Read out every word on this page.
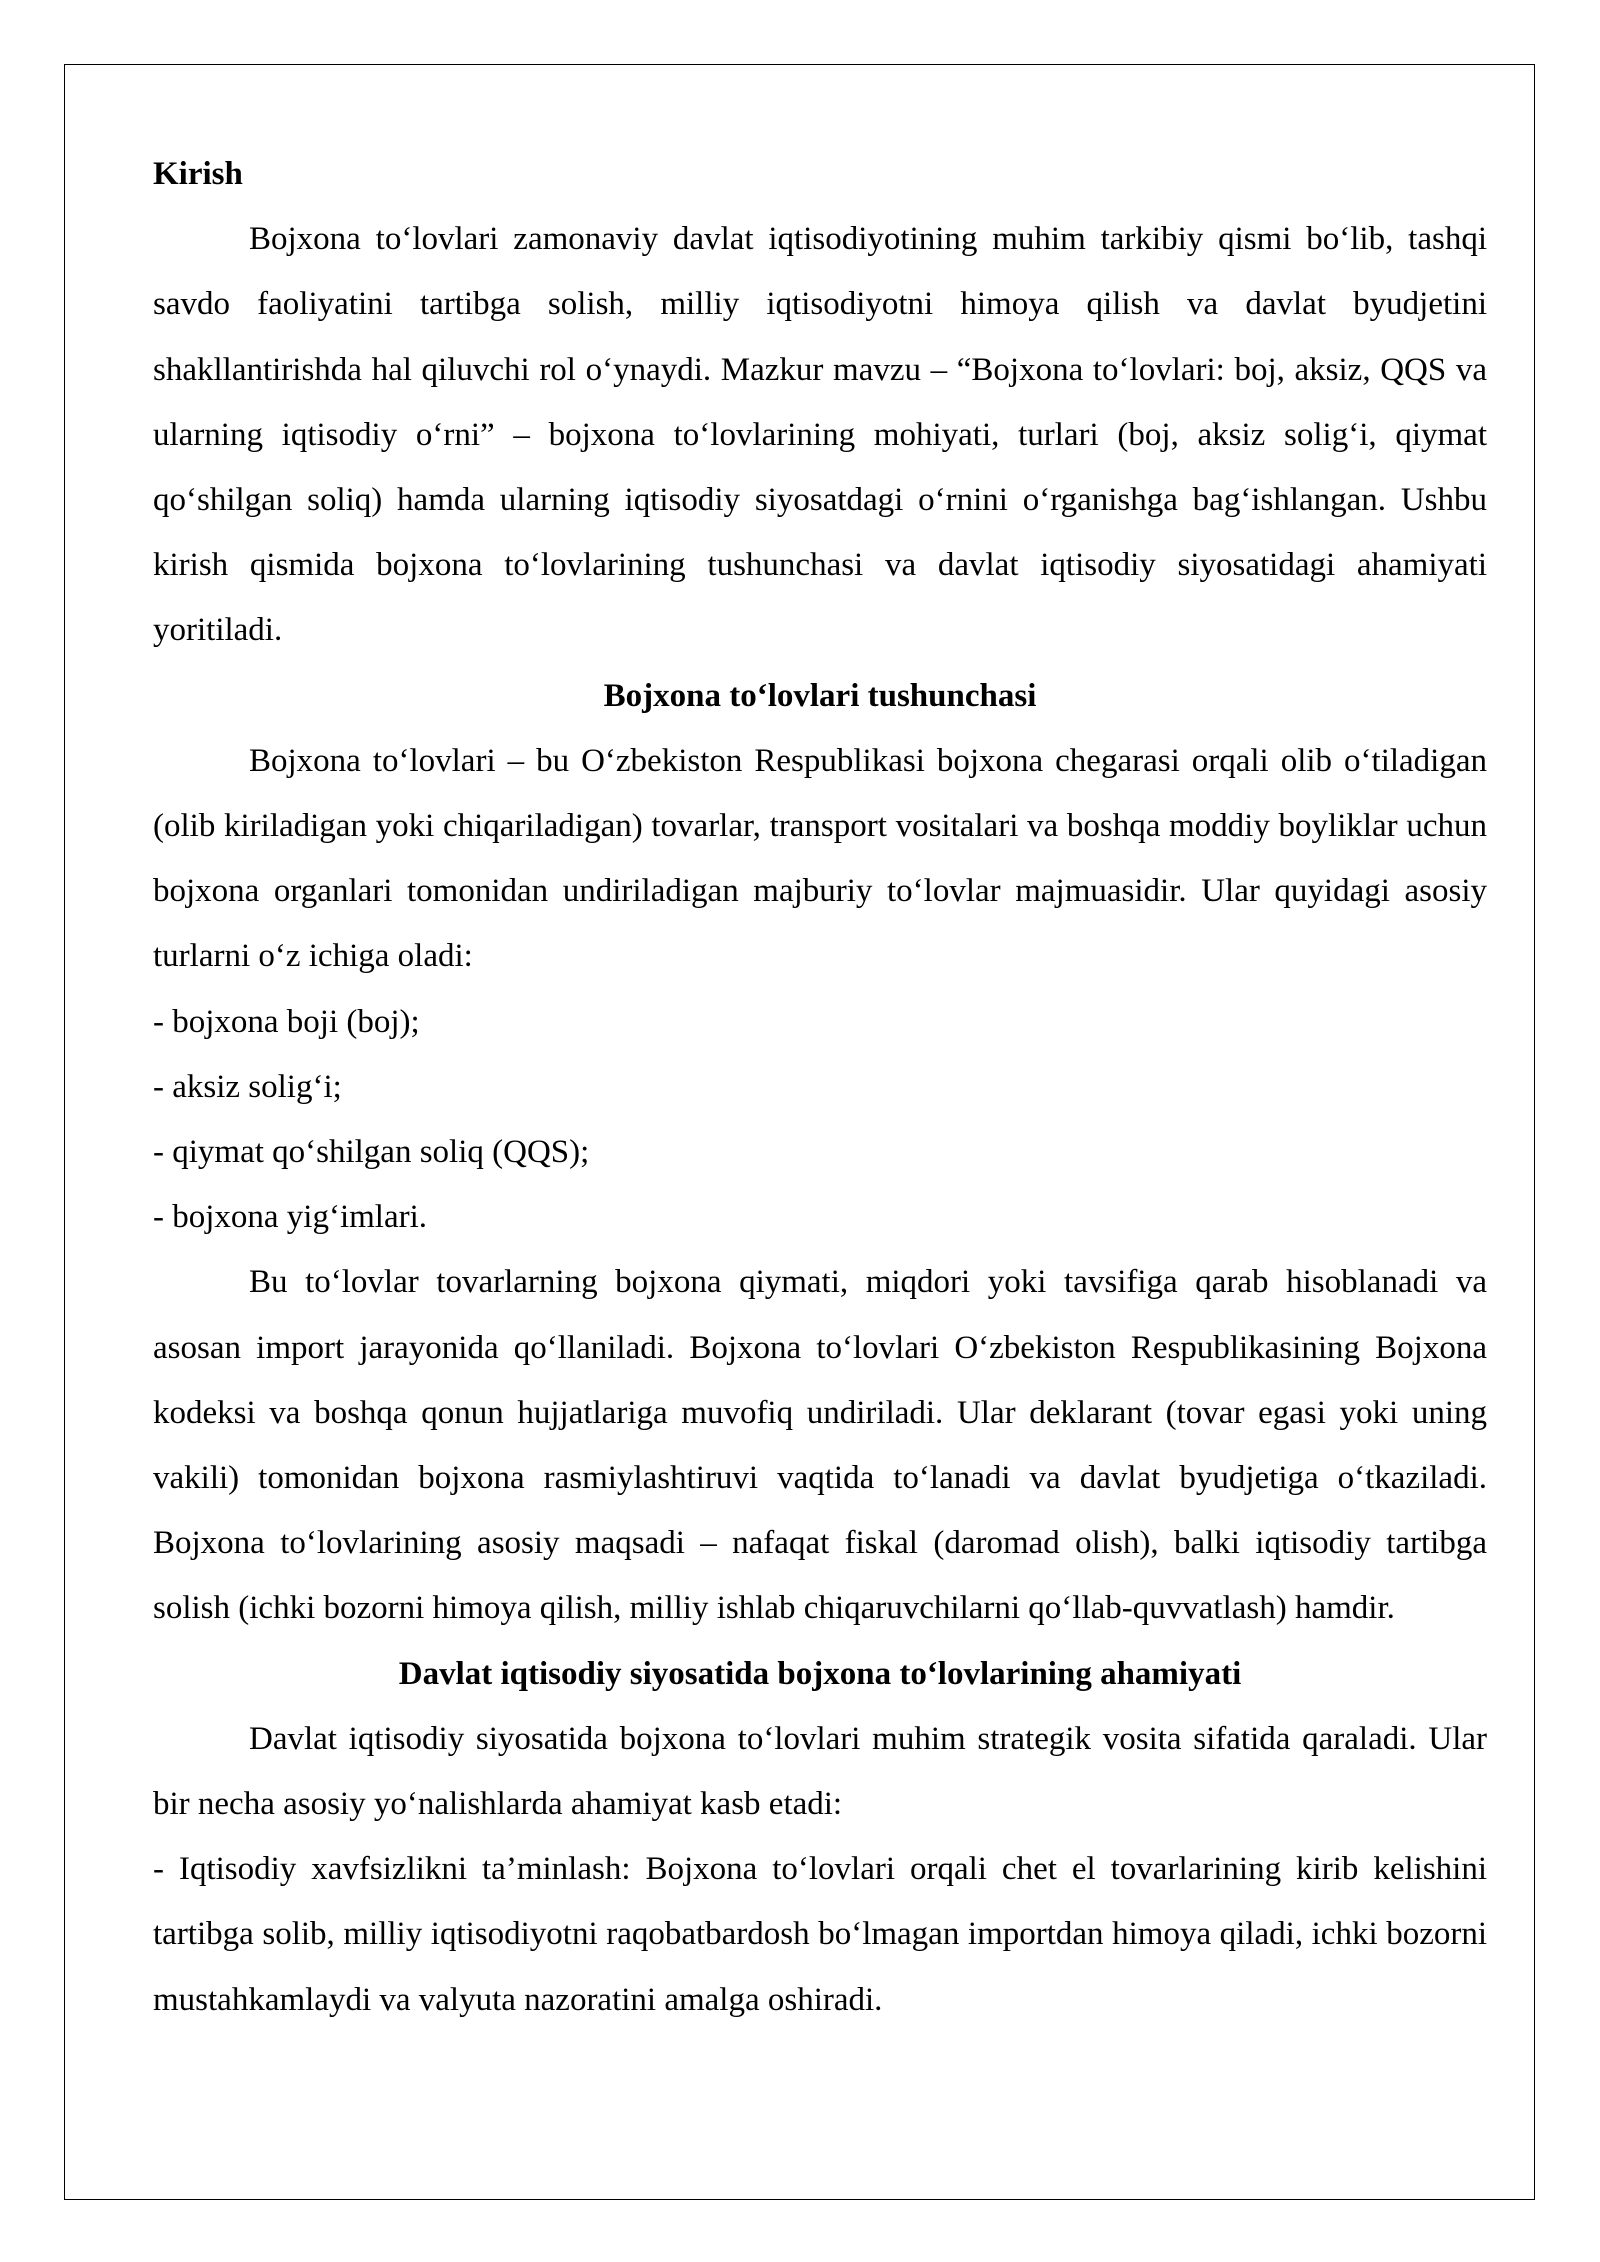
Kirish

Bojxona to‘lovlari zamonaviy davlat iqtisodiyotining muhim tarkibiy qismi bo‘lib, tashqi savdo faoliyatini tartibga solish, milliy iqtisodiyotni himoya qilish va davlat byudjetini shakllantirishda hal qiluvchi rol o‘ynaydi. Mazkur mavzu – “Bojxona to‘lovlari: boj, aksiz, QQS va ularning iqtisodiy o‘rni” – bojxona to‘lovlarining mohiyati, turlari (boj, aksiz solig‘i, qiymat qo‘shilgan soliq) hamda ularning iqtisodiy siyosatdagi o‘rnini o‘rganishga bag‘ishlangan. Ushbu kirish qismida bojxona to‘lovlarining tushunchasi va davlat iqtisodiy siyosatidagi ahamiyati yoritiladi.

Bojxona to‘lovlari tushunchasi

Bojxona to‘lovlari – bu O‘zbekiston Respublikasi bojxona chegarasi orqali olib o‘tiladigan (olib kiriladigan yoki chiqariladigan) tovarlar, transport vositalari va boshqa moddiy boyliklar uchun bojxona organlari tomonidan undiriladigan majburiy to‘lovlar majmuasidir. Ular quyidagi asosiy turlarni o‘z ichiga oladi:

- bojxona boji (boj);

- aksiz solig‘i;

- qiymat qo‘shilgan soliq (QQS);

- bojxona yig‘imlari.

Bu to‘lovlar tovarlarning bojxona qiymati, miqdori yoki tavsifiga qarab hisoblanadi va asosan import jarayonida qo‘llaniladi. Bojxona to‘lovlari O‘zbekiston Respublikasining Bojxona kodeksi va boshqa qonun hujjatlariga muvofiq undiriladi. Ular deklarant (tovar egasi yoki uning vakili) tomonidan bojxona rasmiylashtiruvi vaqtida to‘lanadi va davlat byudjetiga o‘tkaziladi. Bojxona to‘lovlarining asosiy maqsadi – nafaqat fiskal (daromad olish), balki iqtisodiy tartibga solish (ichki bozorni himoya qilish, milliy ishlab chiqaruvchilarni qo‘llab-quvvatlash) hamdir.

Davlat iqtisodiy siyosatida bojxona to‘lovlarining ahamiyati

Davlat iqtisodiy siyosatida bojxona to‘lovlari muhim strategik vosita sifatida qaraladi. Ular bir necha asosiy yo‘nalishlarda ahamiyat kasb etadi:

- Iqtisodiy xavfsizlikni ta’minlash: Bojxona to‘lovlari orqali chet el tovarlarining kirib kelishini tartibga solib, milliy iqtisodiyotni raqobatbardosh bo‘lmagan importdan himoya qiladi, ichki bozorni mustahkamlaydi va valyuta nazoratini amalga oshiradi.
